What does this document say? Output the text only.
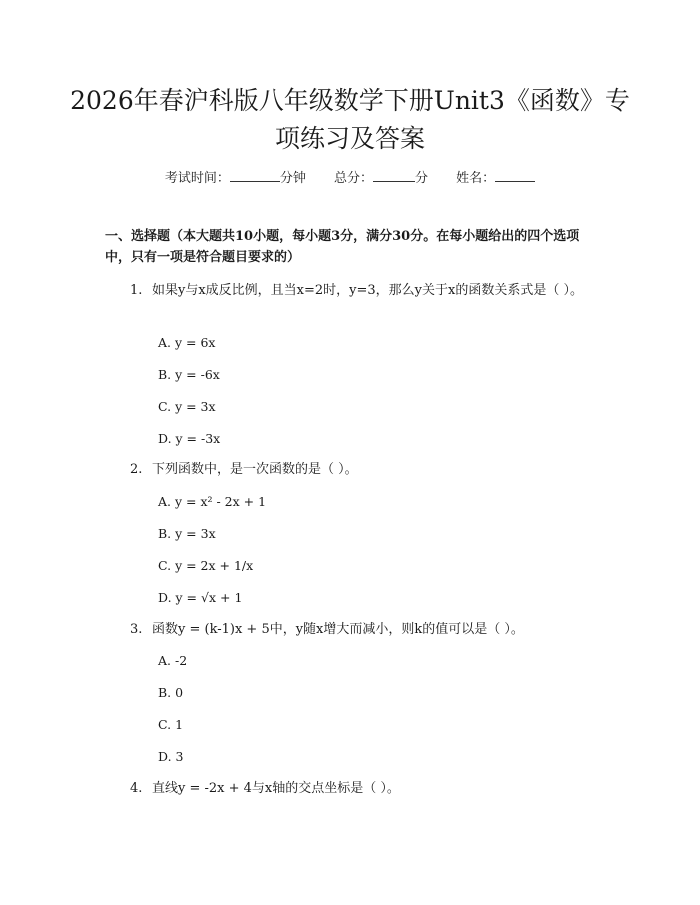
2026年春沪科版八年级数学下册Unit3《函数》专项练习及答案
考试时间：	分钟 总分：	分 姓名：
一、选择题（本大题共10小题，每小题3分，满分30分。在每小题给出的四个选项中，只有一项是符合题目要求的）
1. 如果y与x成反比例，且当x=2时，y=3，那么y关于x的函数关系式是（ ）。
A. y = 6x
B. y = -6x
C. y = 3x
D. y = -3x
2. 下列函数中，是一次函数的是（ ）。
A. y = x² - 2x + 1
B. y = 3x
C. y = 2x + 1/x
D. y = √x + 1
3. 函数y = (k-1)x + 5中，y随x增大而减小，则k的值可以是（ ）。
A. -2
B. 0
C. 1
D. 3
4. 直线y = -2x + 4与x轴的交点坐标是（ ）。
